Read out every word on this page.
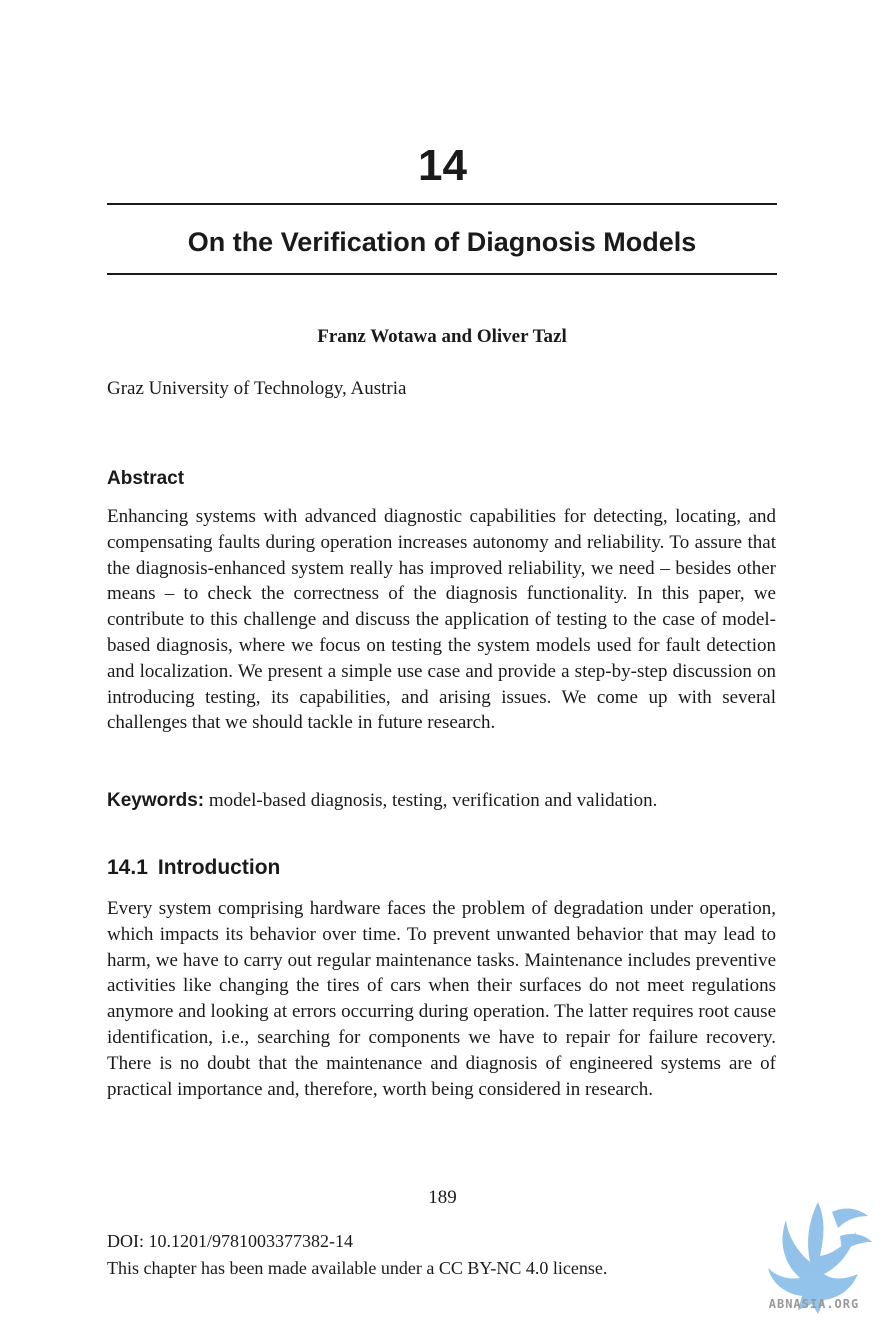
14
On the Verification of Diagnosis Models
Franz Wotawa and Oliver Tazl
Graz University of Technology, Austria
Abstract
Enhancing systems with advanced diagnostic capabilities for detecting, locating, and compensating faults during operation increases autonomy and reliability. To assure that the diagnosis-enhanced system really has improved reliability, we need – besides other means – to check the correctness of the diagnosis functionality. In this paper, we contribute to this challenge and discuss the application of testing to the case of model-based diagnosis, where we focus on testing the system models used for fault detection and localization. We present a simple use case and provide a step-by-step discussion on introducing testing, its capabilities, and arising issues. We come up with several challenges that we should tackle in future research.
Keywords: model-based diagnosis, testing, verification and validation.
14.1 Introduction
Every system comprising hardware faces the problem of degradation under operation, which impacts its behavior over time. To prevent unwanted behavior that may lead to harm, we have to carry out regular maintenance tasks. Maintenance includes preventive activities like changing the tires of cars when their surfaces do not meet regulations anymore and looking at errors occurring during operation. The latter requires root cause identification, i.e., searching for components we have to repair for failure recovery. There is no doubt that the maintenance and diagnosis of engineered systems are of practical importance and, therefore, worth being considered in research.
189
DOI: 10.1201/9781003377382-14
This chapter has been made available under a CC BY-NC 4.0 license.
ABNASIA.ORG
